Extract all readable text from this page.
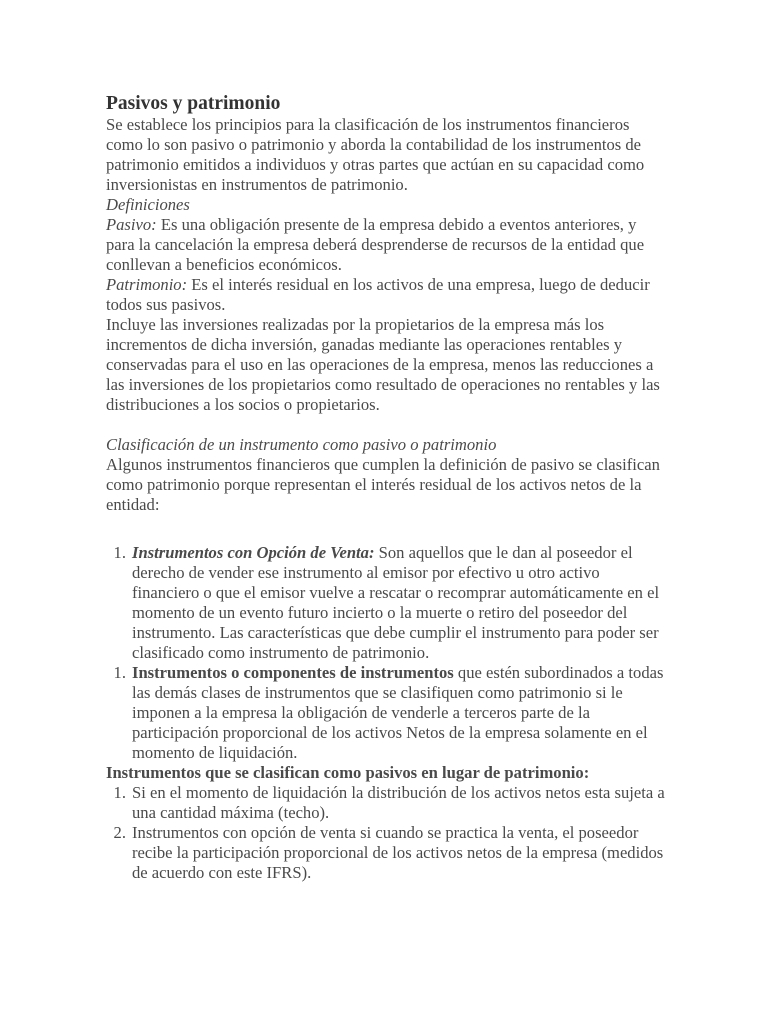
Pasivos y patrimonio

Se establece los principios para la clasificación de los instrumentos financieros como lo son pasivo o patrimonio y aborda la contabilidad de los instrumentos de patrimonio emitidos a individuos y otras partes que actúan en su capacidad como inversionistas en instrumentos de patrimonio.

Definiciones

Pasivo: Es una obligación presente de la empresa debido a eventos anteriores, y para la cancelación la empresa deberá desprenderse de recursos de la entidad que conllevan a beneficios económicos.

Patrimonio: Es el interés residual en los activos de una empresa, luego de deducir todos sus pasivos.

Incluye las inversiones realizadas por la propietarios de la empresa más los incrementos de dicha inversión, ganadas mediante las operaciones rentables y conservadas para el uso en las operaciones de la empresa, menos las reducciones a las inversiones de los propietarios como resultado de operaciones no rentables y las distribuciones a los socios o propietarios.

Clasificación de un instrumento como pasivo o patrimonio

Algunos instrumentos financieros que cumplen la definición de pasivo se clasifican como patrimonio porque representan el interés residual de los activos netos de la entidad:

1. Instrumentos con Opción de Venta: Son aquellos que le dan al poseedor el derecho de vender ese instrumento al emisor por efectivo u otro activo financiero o que el emisor vuelve a rescatar o recomprar automáticamente en el momento de un evento futuro incierto o la muerte o retiro del poseedor del instrumento. Las características que debe cumplir el instrumento para poder ser clasificado como instrumento de patrimonio.
1. Instrumentos o componentes de instrumentos que estén subordinados a todas las demás clases de instrumentos que se clasifiquen como patrimonio si le imponen a la empresa la obligación de venderle a terceros parte de la participación proporcional de los activos Netos de la empresa solamente en el momento de liquidación.

Instrumentos que se clasifican como pasivos en lugar de patrimonio:

1. Si en el momento de liquidación la distribución de los activos netos esta sujeta a una cantidad máxima (techo).
2. Instrumentos con opción de venta si cuando se practica la venta, el poseedor recibe la participación proporcional de los activos netos de la empresa (medidos de acuerdo con este IFRS).
